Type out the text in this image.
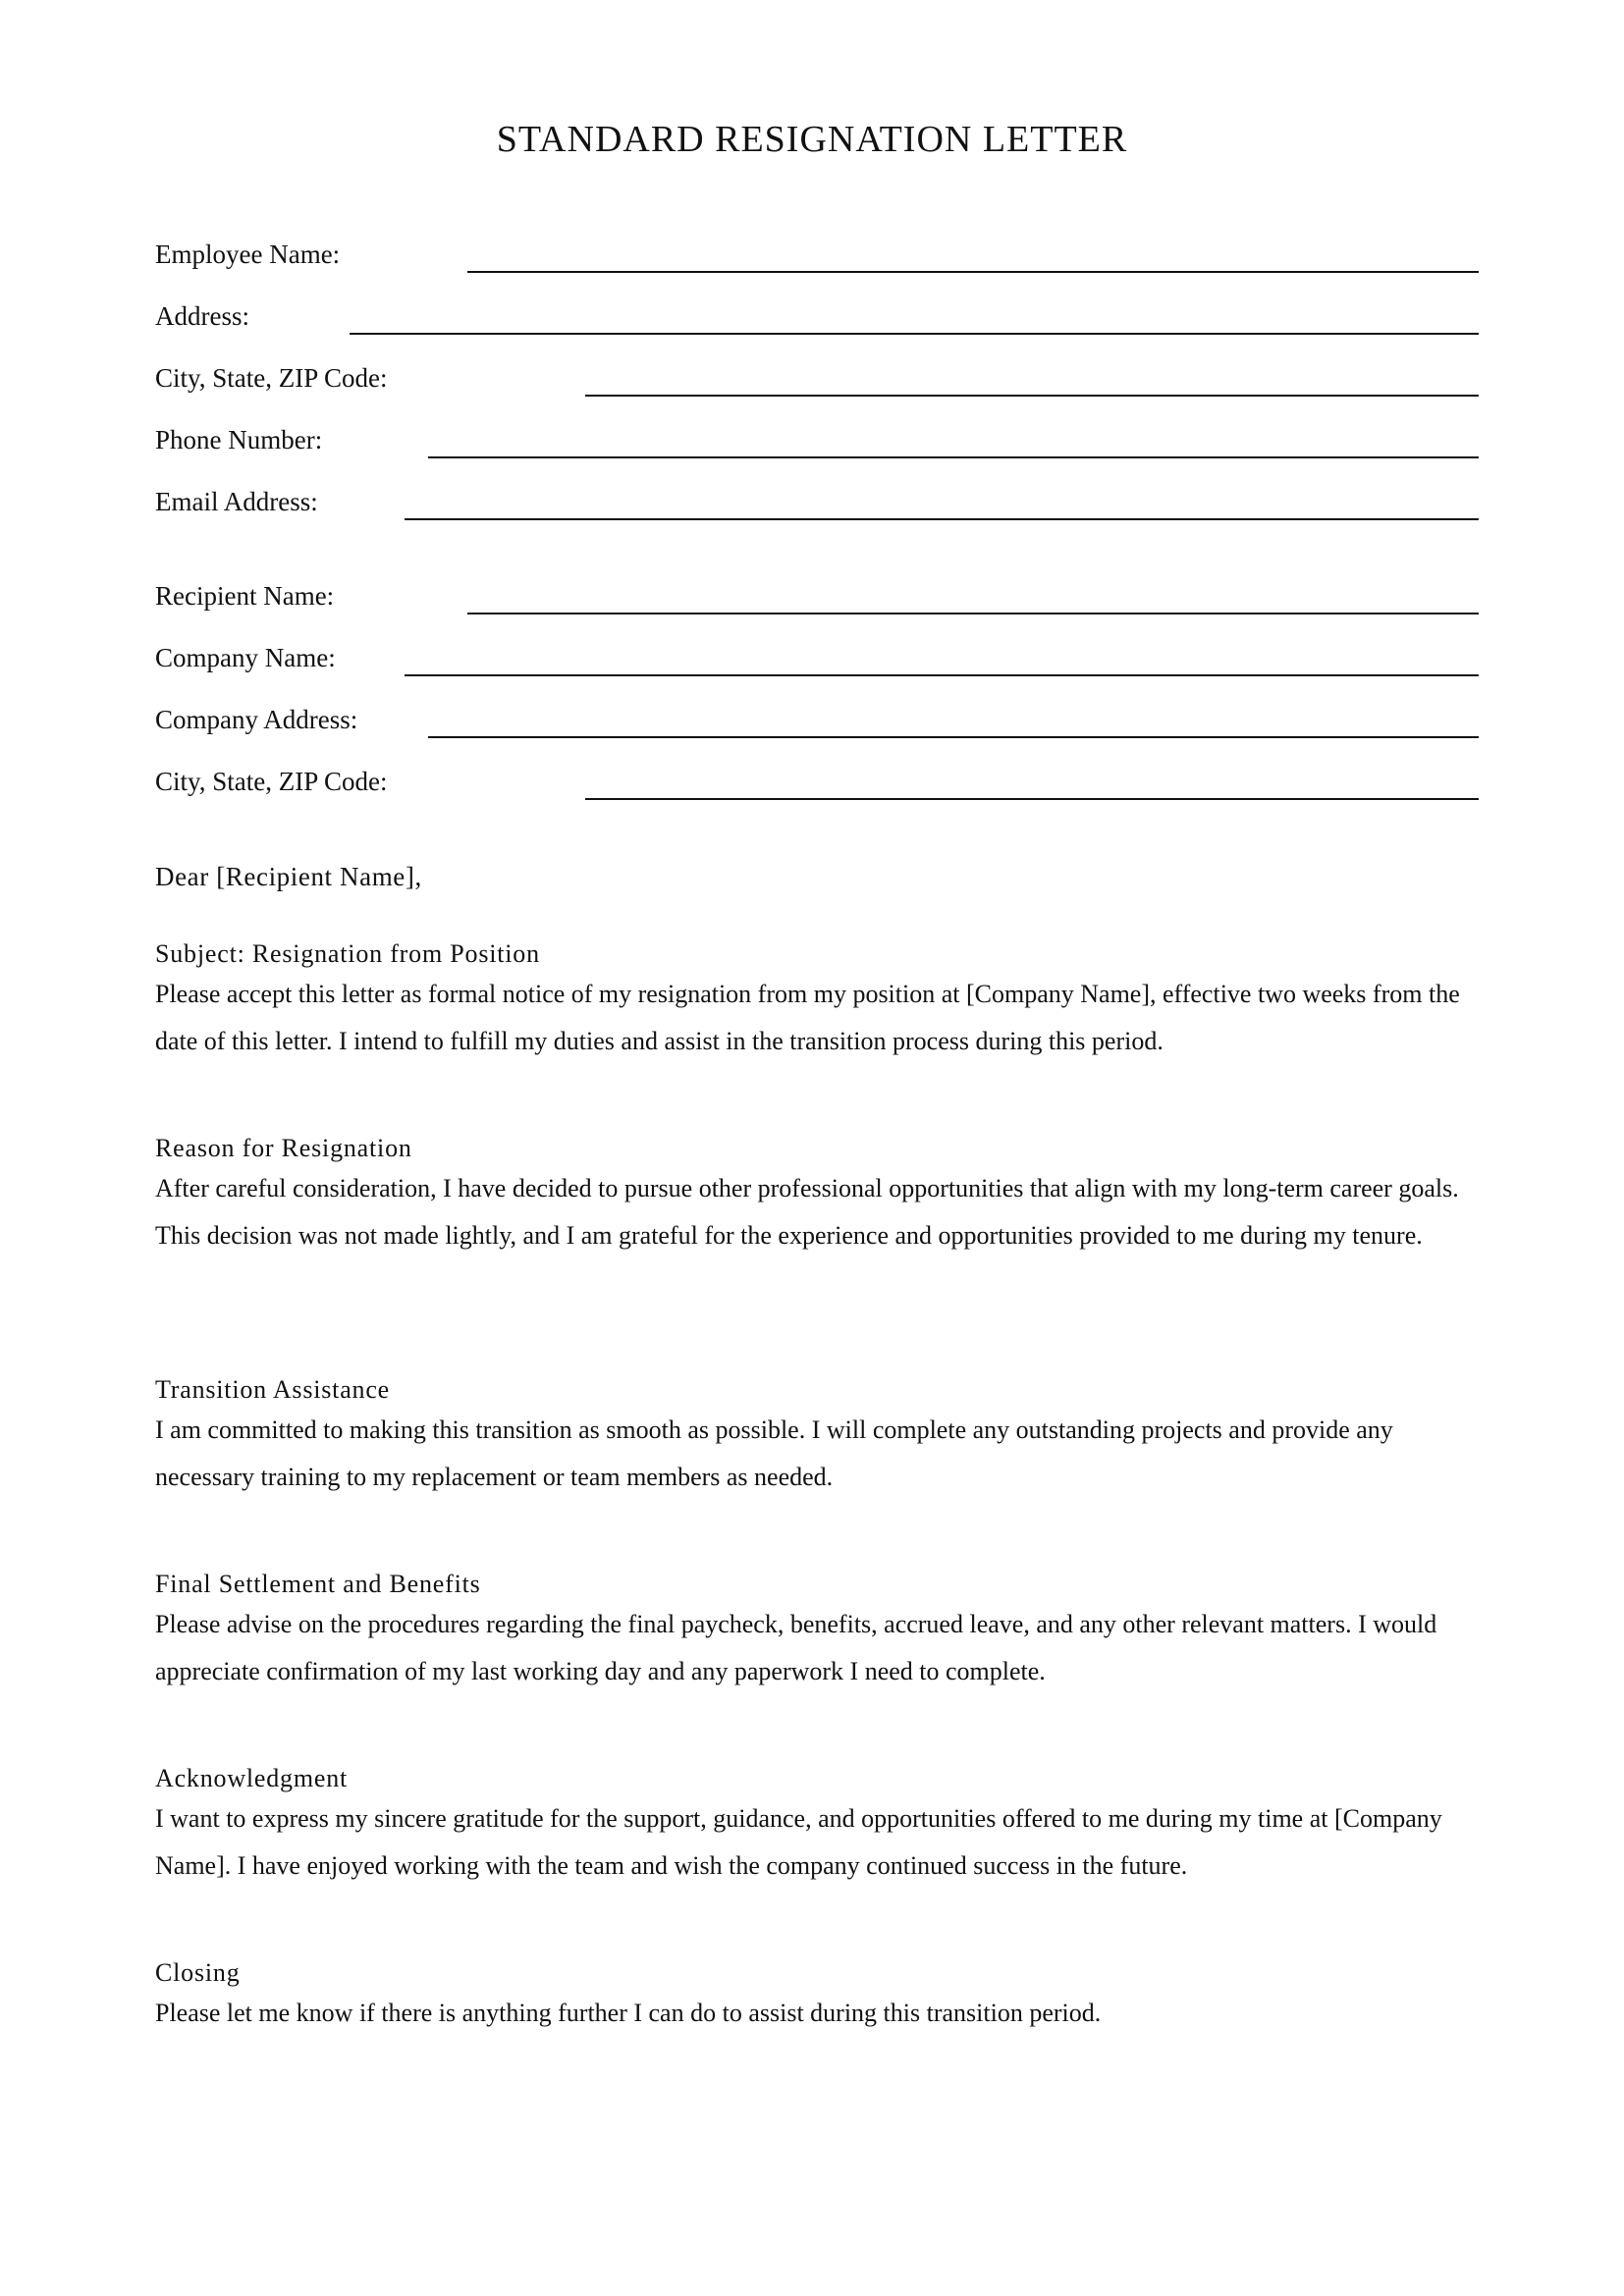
STANDARD RESIGNATION LETTER
Employee Name:
Address:
City, State, ZIP Code:
Phone Number:
Email Address:
Recipient Name:
Company Name:
Company Address:
City, State, ZIP Code:
Dear [Recipient Name],

Subject: Resignation from Position

Please accept this letter as formal notice of my resignation from my position at [Company Name], effective two weeks from the date of this letter. I intend to fulfill my duties and assist in the transition process during this period.

Reason for Resignation

After careful consideration, I have decided to pursue other professional opportunities that align with my long-term career goals. This decision was not made lightly, and I am grateful for the experience and opportunities provided to me during my tenure.

Transition Assistance

I am committed to making this transition as smooth as possible. I will complete any outstanding projects and provide any necessary training to my replacement or team members as needed.

Final Settlement and Benefits

Please advise on the procedures regarding the final paycheck, benefits, accrued leave, and any other relevant matters. I would appreciate confirmation of my last working day and any paperwork I need to complete.

Acknowledgment

I want to express my sincere gratitude for the support, guidance, and opportunities offered to me during my time at [Company Name]. I have enjoyed working with the team and wish the company continued success in the future.

Closing

Please let me know if there is anything further I can do to assist during this transition period.
